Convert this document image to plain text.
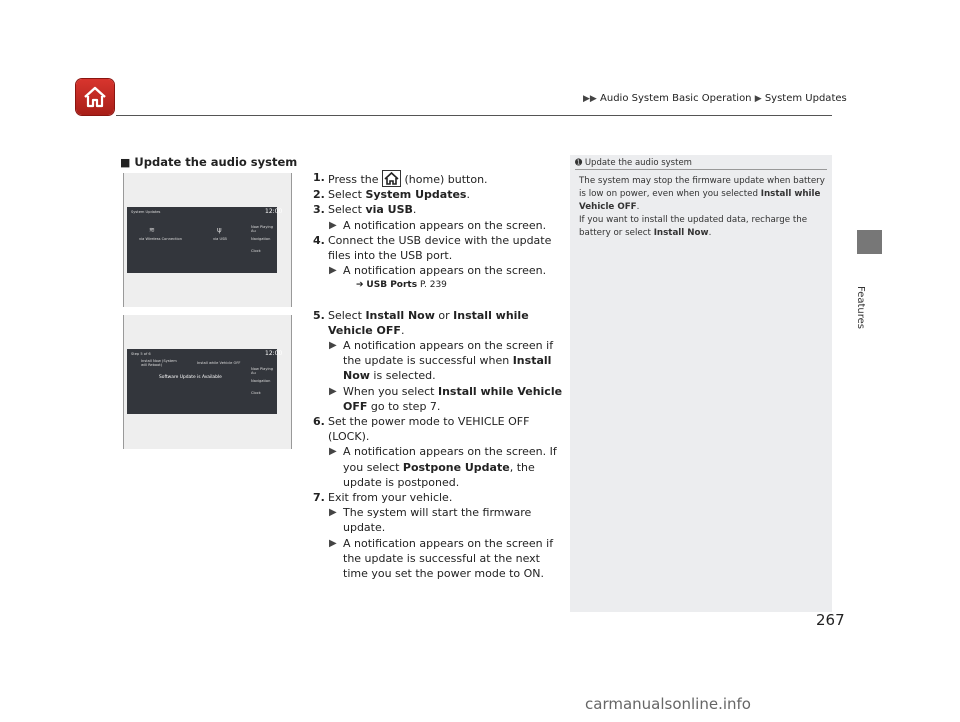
▶▶ Audio System Basic Operation ▶ System Updates
Features
■ Update the audio system
System Updates	12:00
≋
via Wireless Connection
ψ
via USB
Now Playing Au
Navigation
Clock
Step 5 of 6	12:00
Install Now (System will Reboot)	Install while Vehicle OFF
Software Update is Available
Now Playing Au
Navigation
Clock
1. Press the (home) button.
2. Select System Updates.
3. Select via USB.
▶ A notification appears on the screen.
4. Connect the USB device with the update files into the USB port.
▶ A notification appears on the screen.
➔ USB Ports P. 239
5. Select Install Now or Install while Vehicle OFF.
▶ A notification appears on the screen if the update is successful when Install Now is selected.
▶ When you select Install while Vehicle OFF go to step 7.
6. Set the power mode to VEHICLE OFF (LOCK).
▶ A notification appears on the screen. If you select Postpone Update, the update is postponed.
7. Exit from your vehicle.
▶ The system will start the firmware update.
▶ A notification appears on the screen if the update is successful at the next time you set the power mode to ON.
➊ Update the audio system
The system may stop the firmware update when battery is low on power, even when you selected Install while Vehicle OFF.
If you want to install the updated data, recharge the battery or select Install Now.
267
carmanualsonline.info
